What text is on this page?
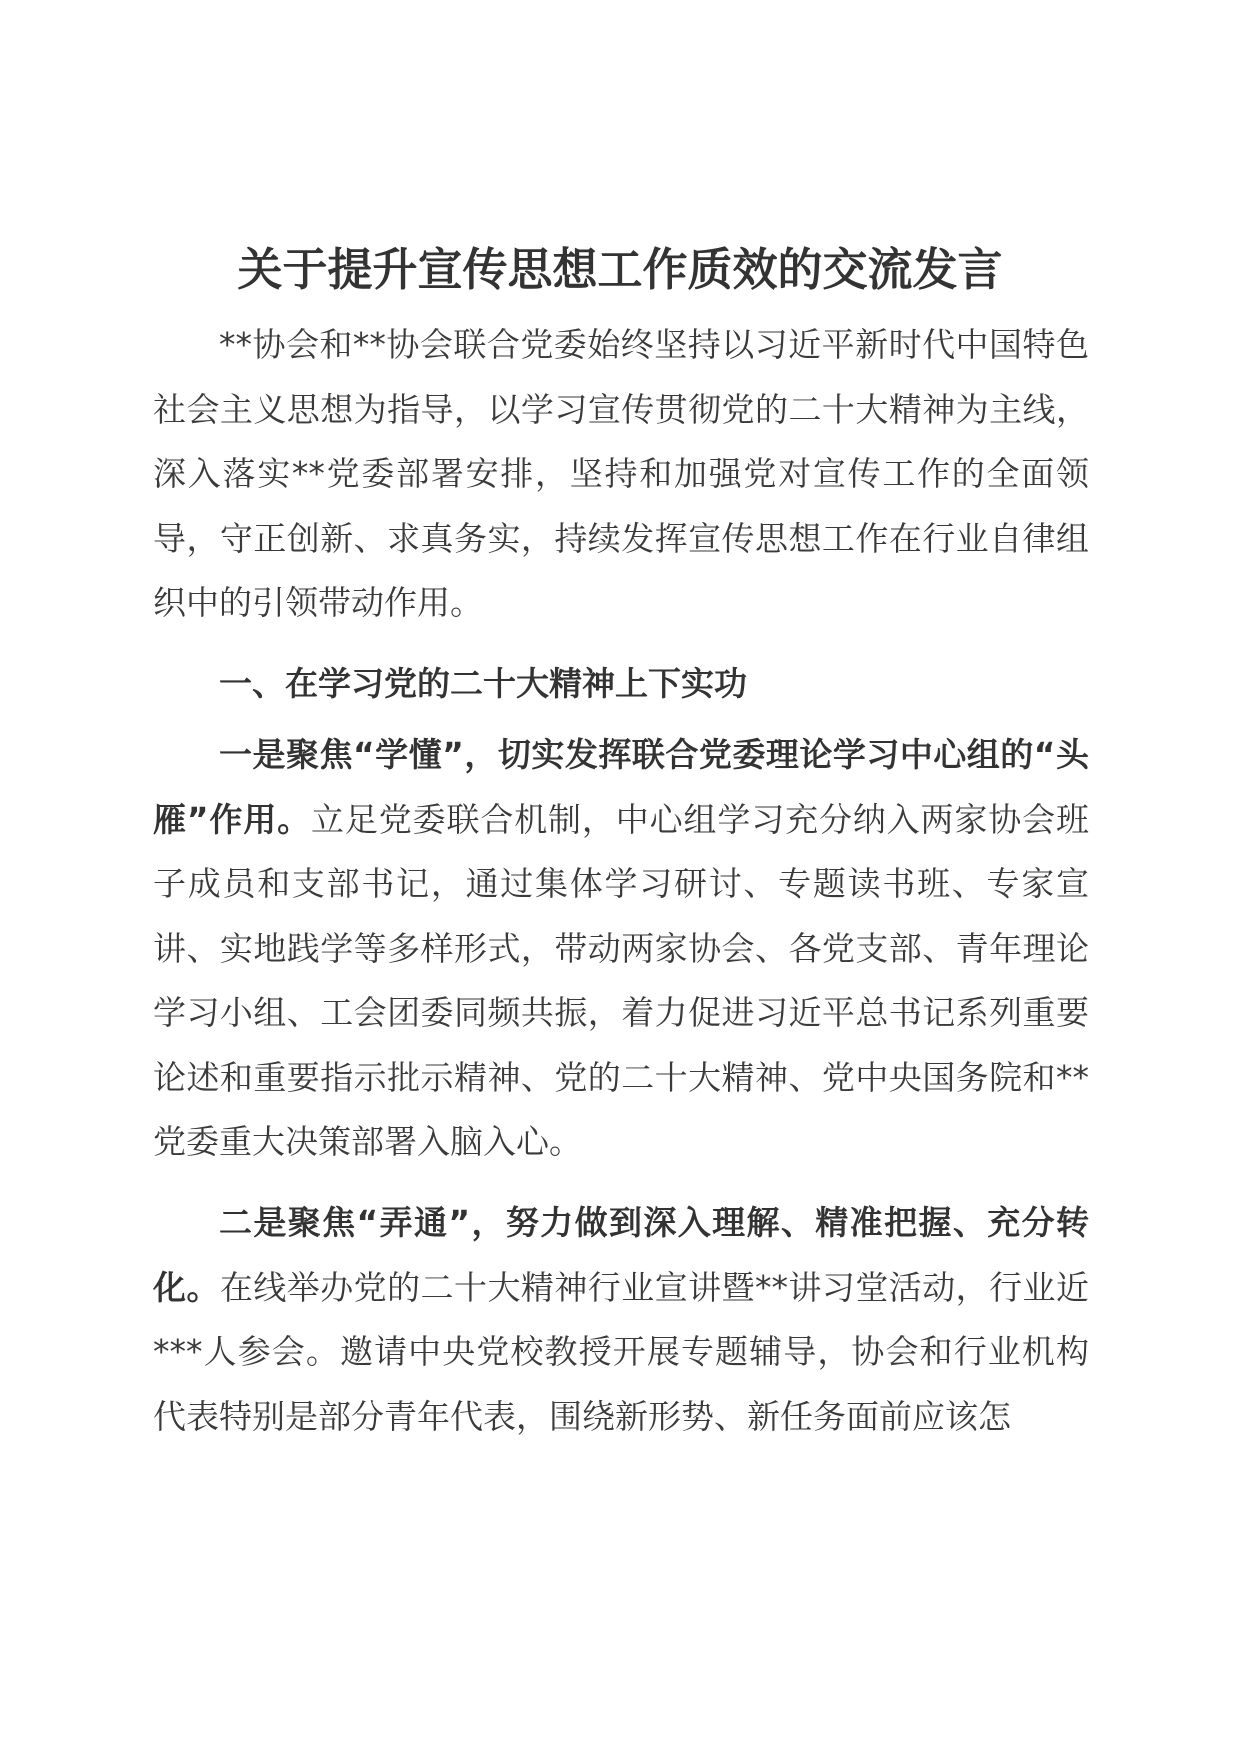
关于提升宣传思想工作质效的交流发言

**协会和**协会联合党委始终坚持以习近平新时代中国特色社会主义思想为指导，以学习宣传贯彻党的二十大精神为主线，深入落实**党委部署安排，坚持和加强党对宣传工作的全面领导，守正创新、求真务实，持续发挥宣传思想工作在行业自律组织中的引领带动作用。

一、在学习党的二十大精神上下实功

一是聚焦“学懂”，切实发挥联合党委理论学习中心组的“头雁”作用。立足党委联合机制，中心组学习充分纳入两家协会班子成员和支部书记，通过集体学习研讨、专题读书班、专家宣讲、实地践学等多样形式，带动两家协会、各党支部、青年理论学习小组、工会团委同频共振，着力促进习近平总书记系列重要论述和重要指示批示精神、党的二十大精神、党中央国务院和**党委重大决策部署入脑入心。

二是聚焦“弄通”，努力做到深入理解、精准把握、充分转化。在线举办党的二十大精神行业宣讲暨**讲习堂活动，行业近***人参会。邀请中央党校教授开展专题辅导，协会和行业机构代表特别是部分青年代表，围绕新形势、新任务面前应该怎
